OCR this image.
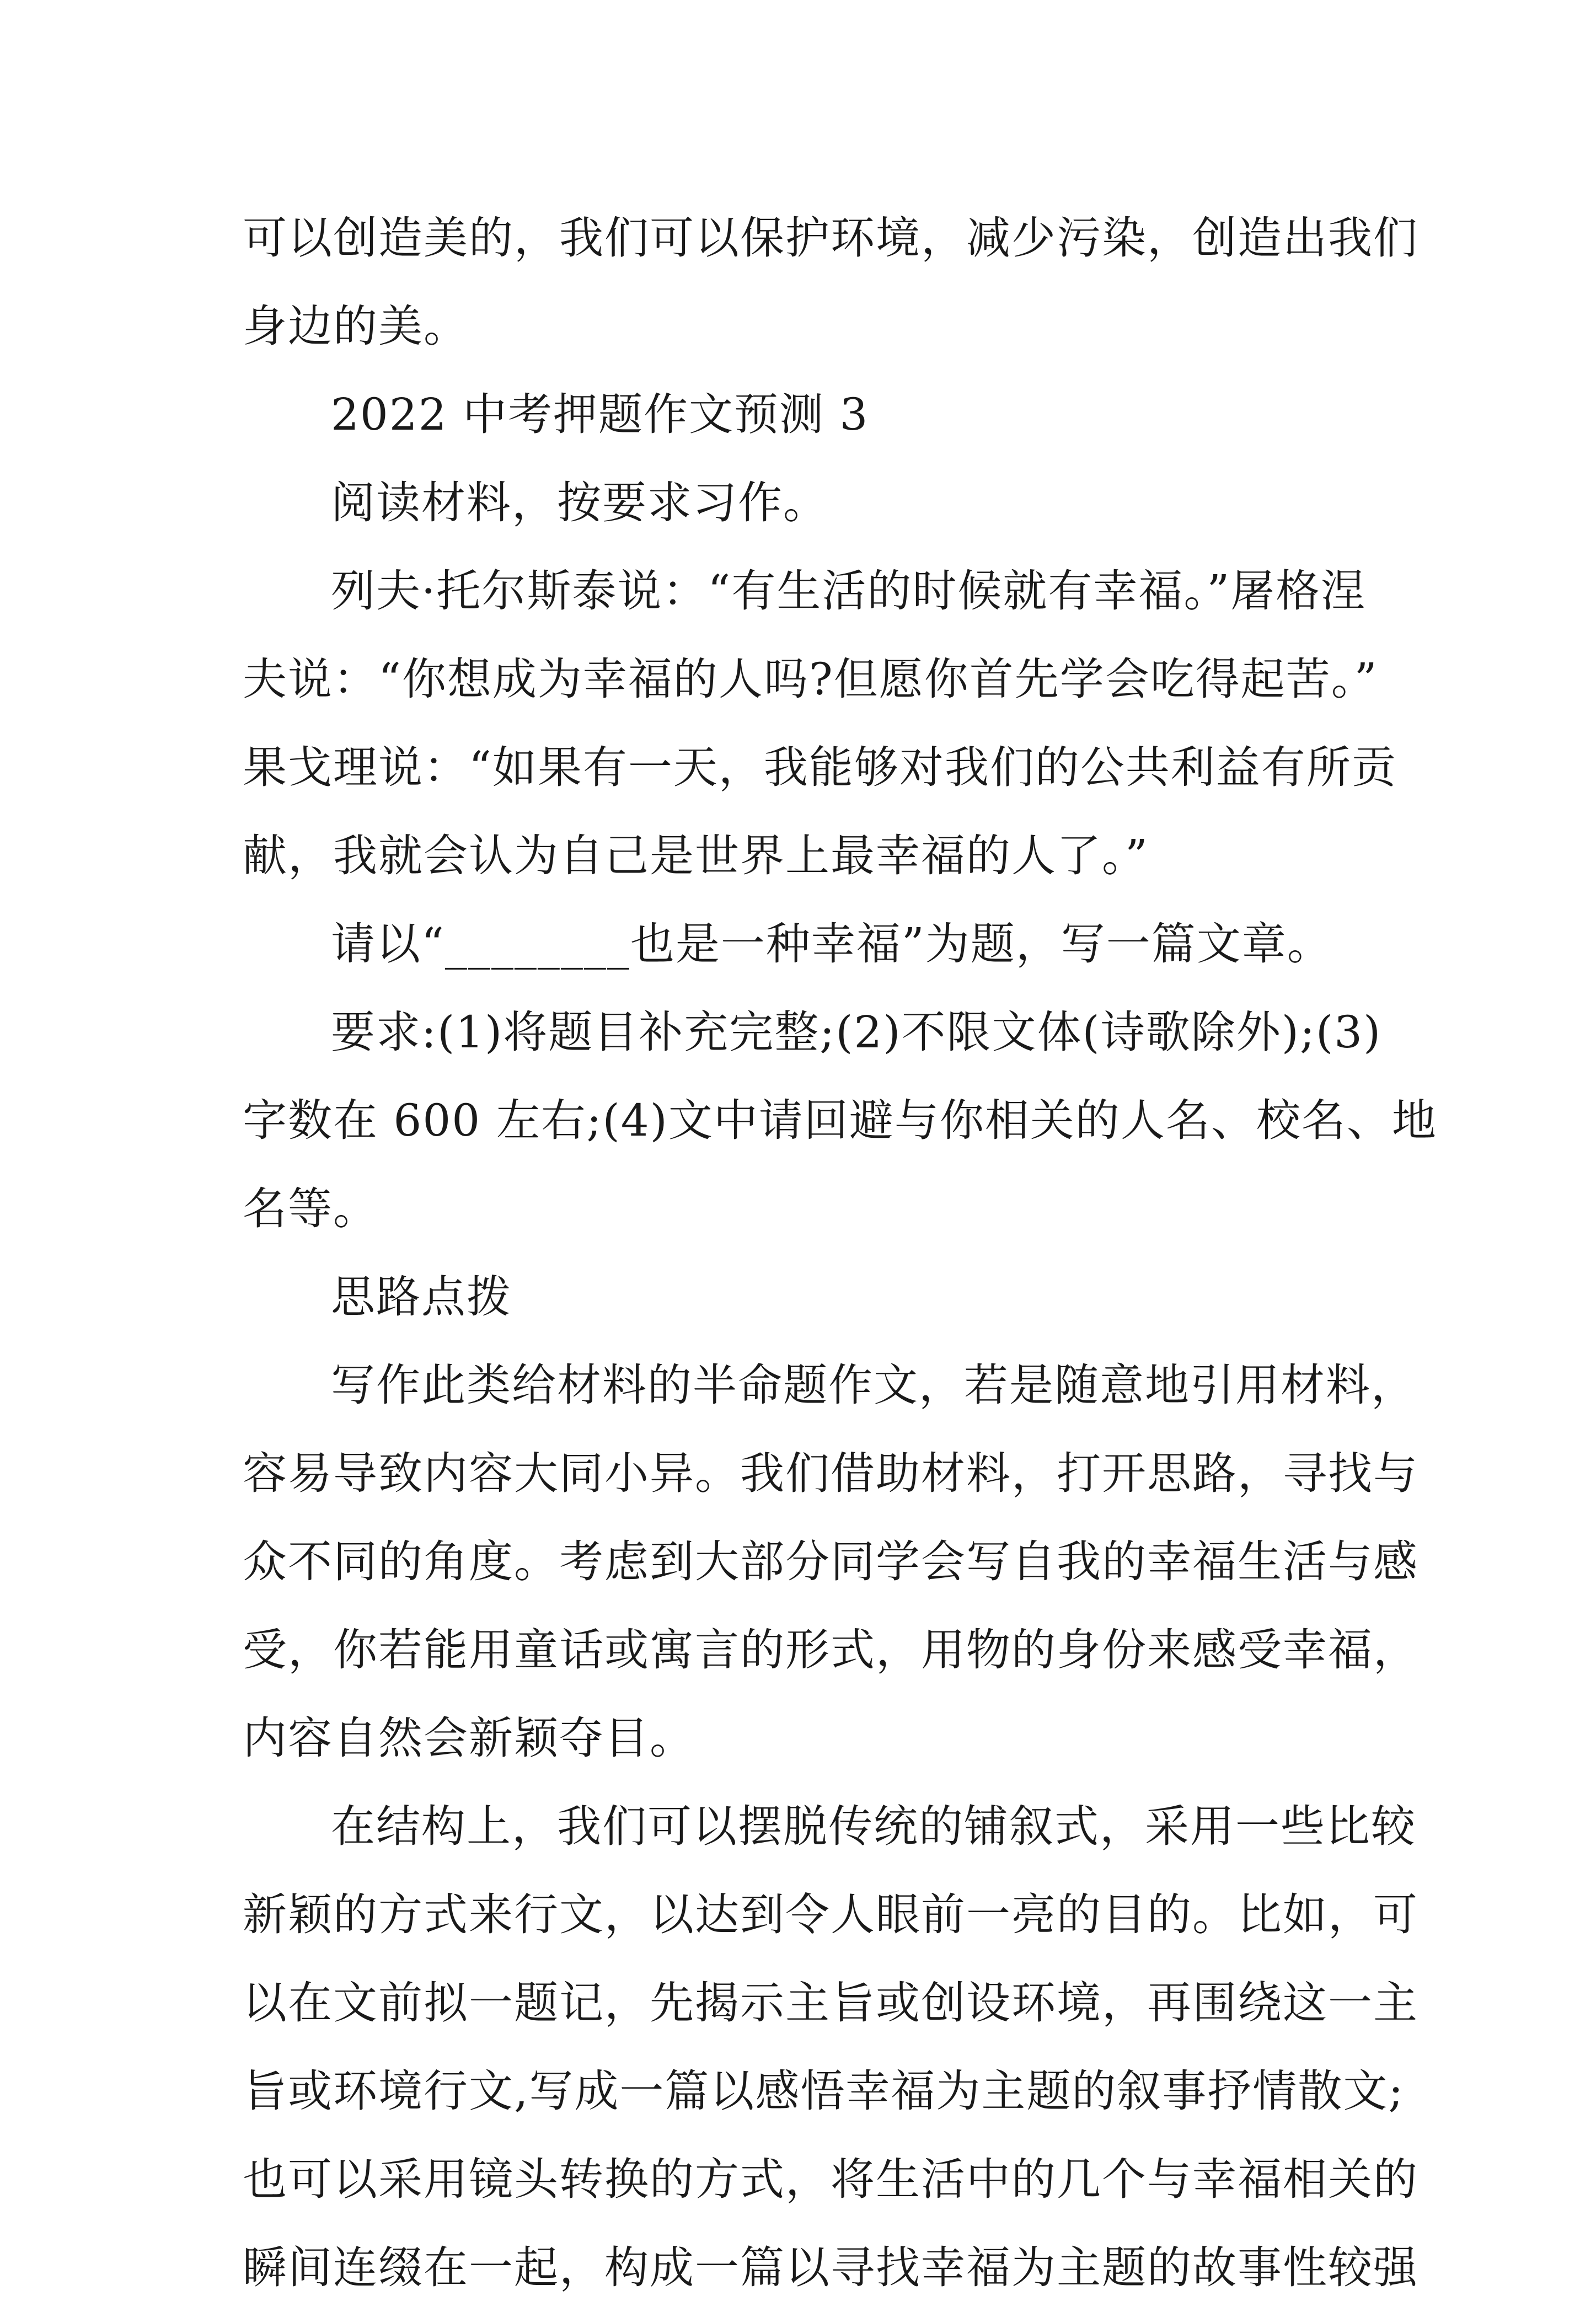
可以创造美的，我们可以保护环境，减少污染，创造出我们
身边的美。
2022 中考押题作文预测 3
阅读材料，按要求习作。
列夫·托尔斯泰说：“有生活的时候就有幸福。”屠格涅
夫说：“你想成为幸福的人吗?但愿你首先学会吃得起苦。”
果戈理说：“如果有一天，我能够对我们的公共利益有所贡
献，我就会认为自己是世界上最幸福的人了。”
请以“________也是一种幸福”为题，写一篇文章。
要求:(1)将题目补充完整;(2)不限文体(诗歌除外);(3)
字数在 600 左右;(4)文中请回避与你相关的人名、校名、地
名等。
思路点拨
写作此类给材料的半命题作文，若是随意地引用材料，
容易导致内容大同小异。我们借助材料，打开思路，寻找与
众不同的角度。考虑到大部分同学会写自我的幸福生活与感
受，你若能用童话或寓言的形式，用物的身份来感受幸福，
内容自然会新颖夺目。
在结构上，我们可以摆脱传统的铺叙式，采用一些比较
新颖的方式来行文，以达到令人眼前一亮的目的。比如，可
以在文前拟一题记，先揭示主旨或创设环境，再围绕这一主
旨或环境行文,写成一篇以感悟幸福为主题的叙事抒情散文;
也可以采用镜头转换的方式，将生活中的几个与幸福相关的
瞬间连缀在一起，构成一篇以寻找幸福为主题的故事性较强
